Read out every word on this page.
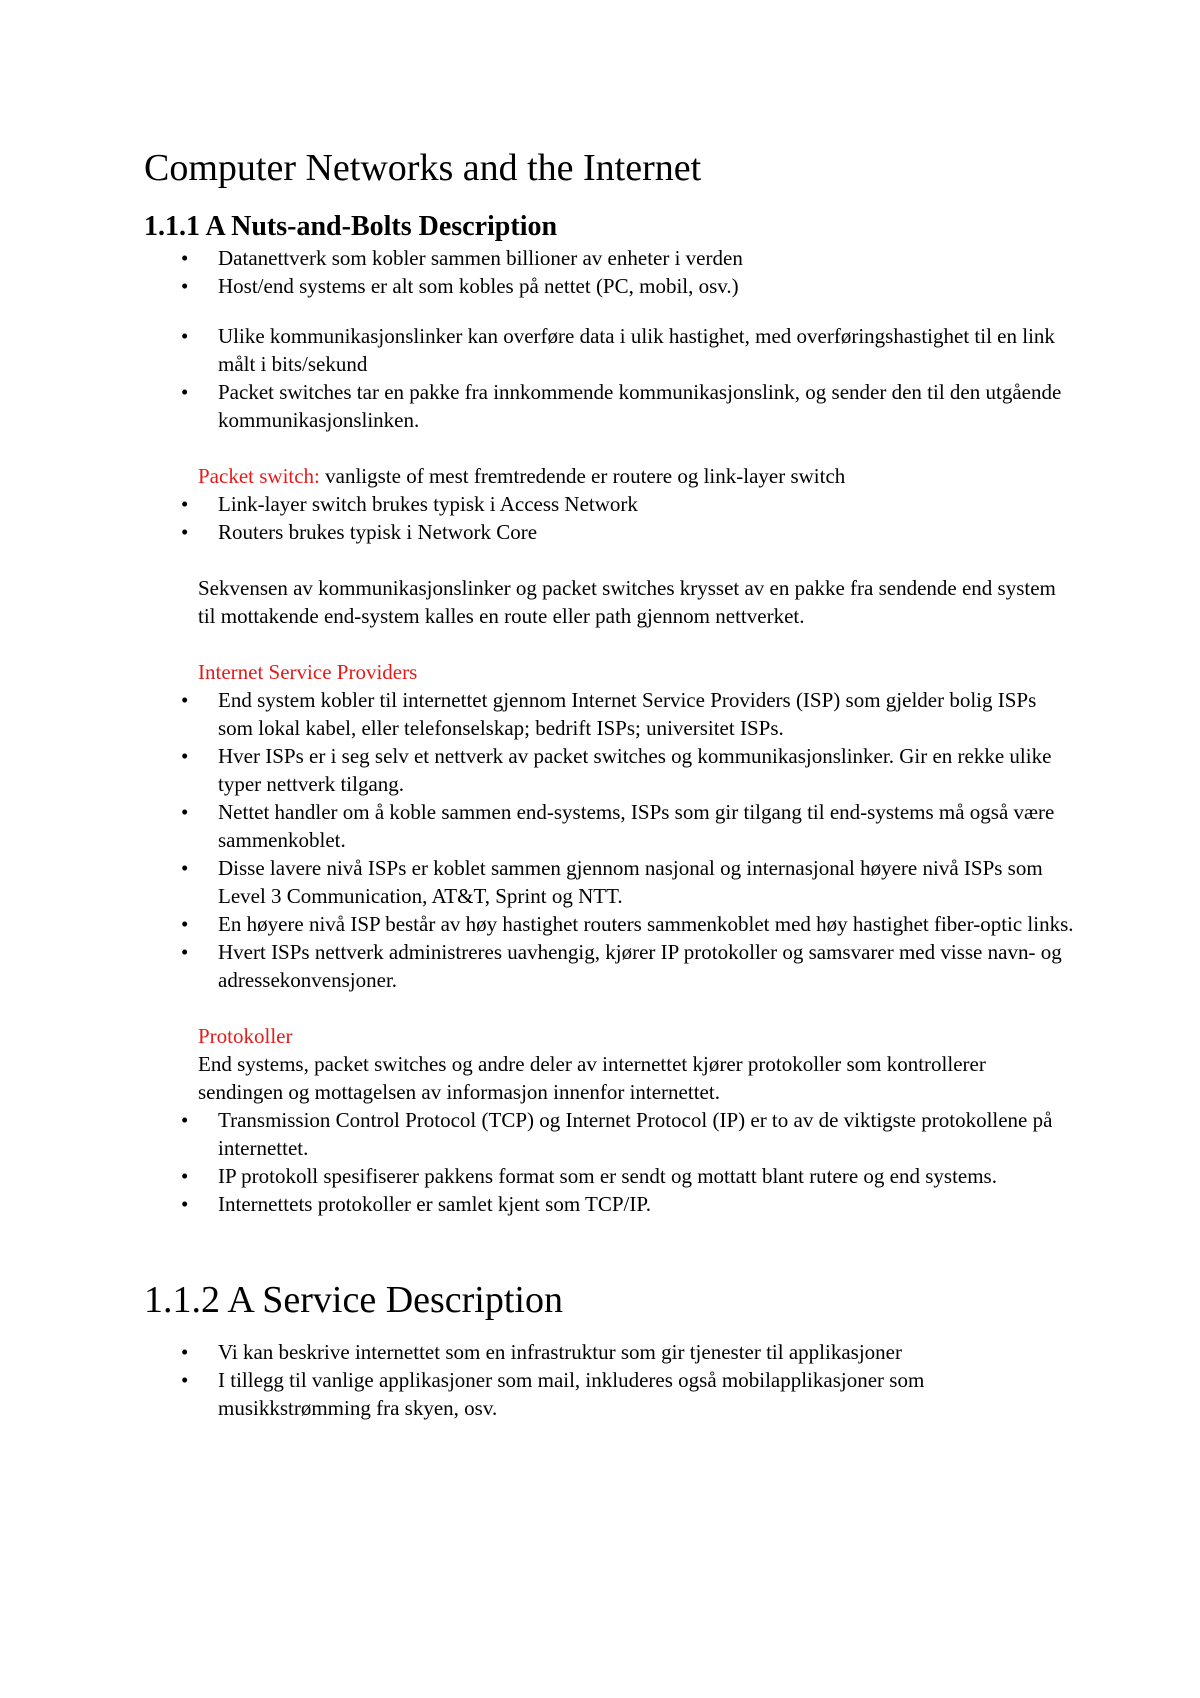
Computer Networks and the Internet
1.1.1 A Nuts-and-Bolts Description
• Datanettverk som kobler sammen billioner av enheter i verden
• Host/end systems er alt som kobles på nettet (PC, mobil, osv.)
• Ulike kommunikasjonslinker kan overføre data i ulik hastighet, med overføringshastighet til en link målt i bits/sekund
• Packet switches tar en pakke fra innkommende kommunikasjonslink, og sender den til den utgående kommunikasjonslinken.
Packet switch: vanligste of mest fremtredende er routere og link-layer switch
• Link-layer switch brukes typisk i Access Network
• Routers brukes typisk i Network Core
Sekvensen av kommunikasjonslinker og packet switches krysset av en pakke fra sendende end system til mottakende end-system kalles en route eller path gjennom nettverket.
Internet Service Providers
• End system kobler til internettet gjennom Internet Service Providers (ISP) som gjelder bolig ISPs som lokal kabel, eller telefonselskap; bedrift ISPs; universitet ISPs.
• Hver ISPs er i seg selv et nettverk av packet switches og kommunikasjonslinker. Gir en rekke ulike typer nettverk tilgang.
• Nettet handler om å koble sammen end-systems, ISPs som gir tilgang til end-systems må også være sammenkoblet.
• Disse lavere nivå ISPs er koblet sammen gjennom nasjonal og internasjonal høyere nivå ISPs som Level 3 Communication, AT&T, Sprint og NTT.
• En høyere nivå ISP består av høy hastighet routers sammenkoblet med høy hastighet fiber-optic links.
• Hvert ISPs nettverk administreres uavhengig, kjører IP protokoller og samsvarer med visse navn- og adressekonvensjoner.
Protokoller
End systems, packet switches og andre deler av internettet kjører protokoller som kontrollerer sendingen og mottagelsen av informasjon innenfor internettet.
• Transmission Control Protocol (TCP) og Internet Protocol (IP) er to av de viktigste protokollene på internettet.
• IP protokoll spesifiserer pakkens format som er sendt og mottatt blant rutere og end systems.
• Internettets protokoller er samlet kjent som TCP/IP.
1.1.2 A Service Description
• Vi kan beskrive internettet som en infrastruktur som gir tjenester til applikasjoner
• I tillegg til vanlige applikasjoner som mail, inkluderes også mobilapplikasjoner som musikkstrømming fra skyen, osv.
